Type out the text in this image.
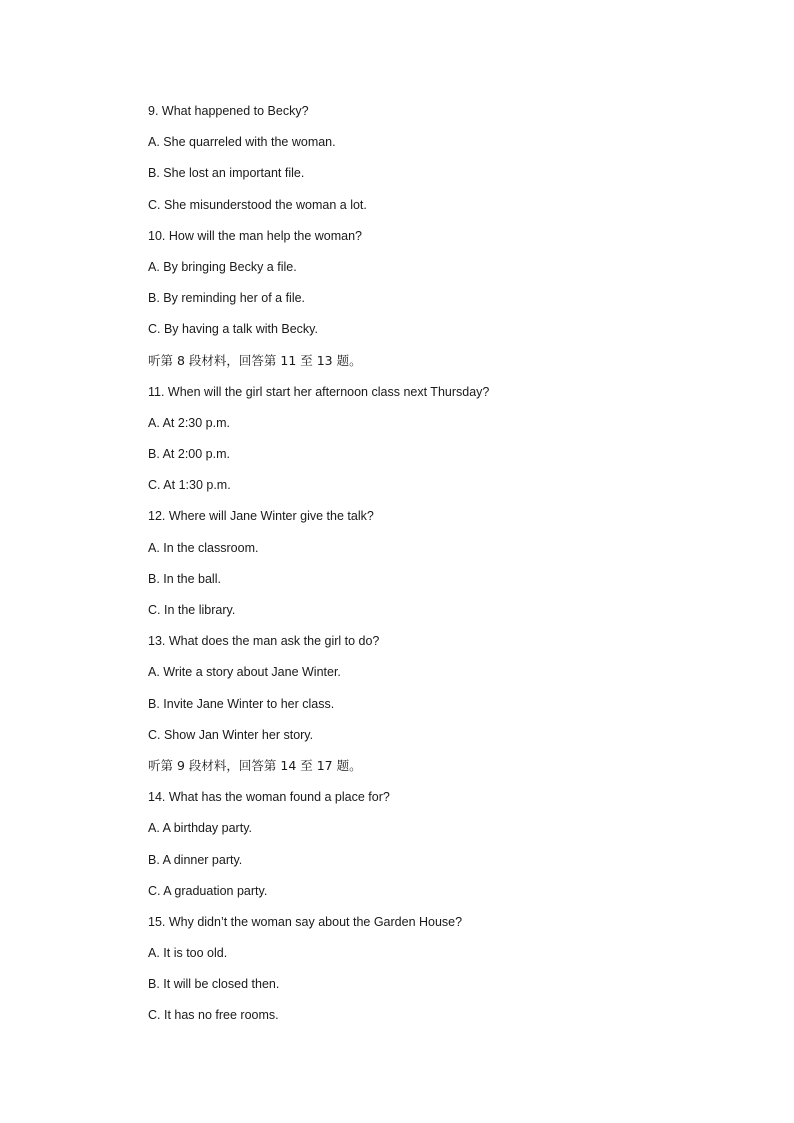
9. What happened to Becky?
A. She quarreled with the woman.
B. She lost an important file.
C. She misunderstood the woman a lot.
10. How will the man help the woman?
A. By bringing Becky a file.
B. By reminding her of a file.
C. By having a talk with Becky.
听第 8 段材料，回答第 11 至 13 题。
11. When will the girl start her afternoon class next Thursday?
A. At 2:30 p.m.
B. At 2:00 p.m.
C. At 1:30 p.m.
12. Where will Jane Winter give the talk?
A. In the classroom.
B. In the ball.
C. In the library.
13. What does the man ask the girl to do?
A. Write a story about Jane Winter.
B. Invite Jane Winter to her class.
C. Show Jan Winter her story.
听第 9 段材料，回答第 14 至 17 题。
14. What has the woman found a place for?
A. A birthday party.
B. A dinner party.
C. A graduation party.
15. Why didn’t the woman say about the Garden House?
A. It is too old.
B. It will be closed then.
C. It has no free rooms.
